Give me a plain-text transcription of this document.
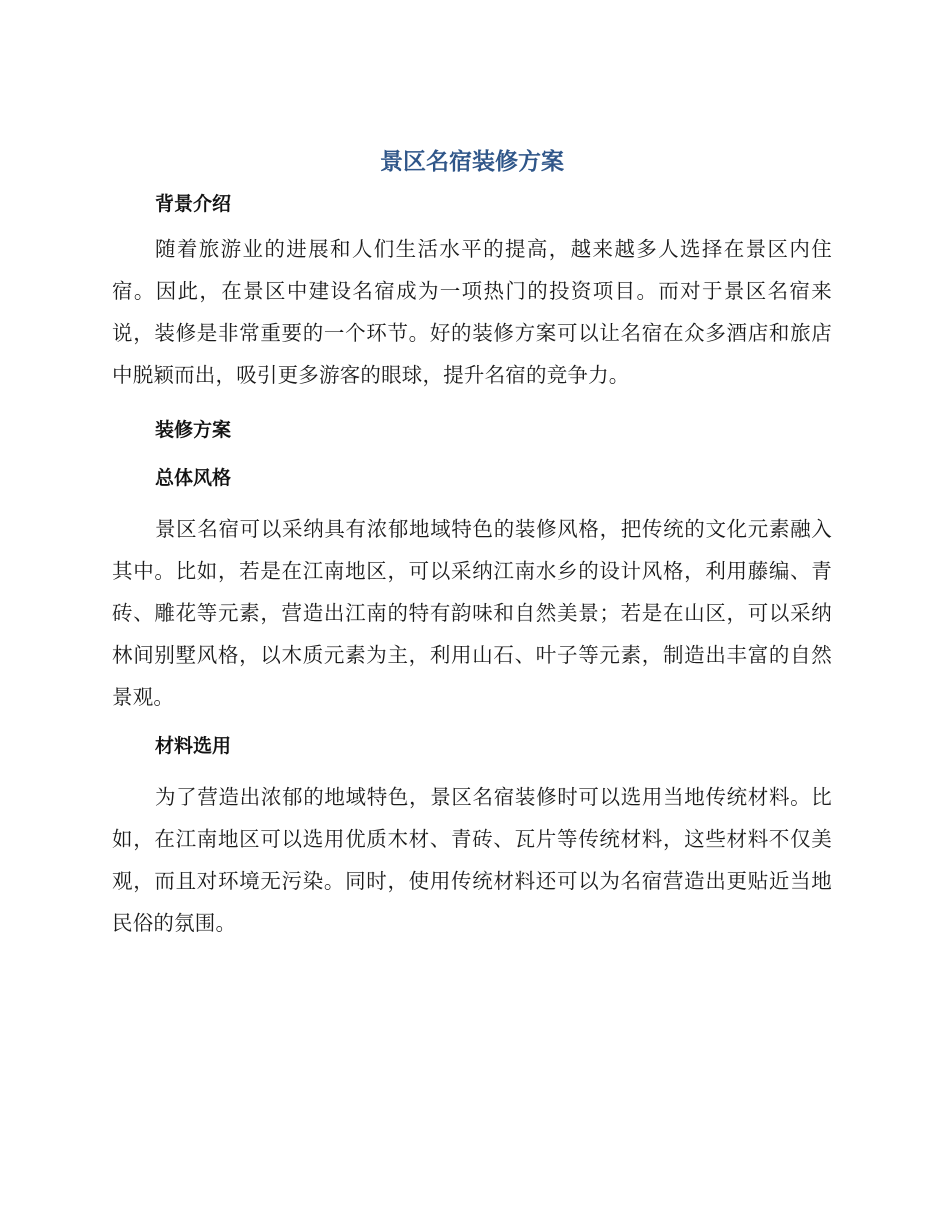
景区名宿装修方案
背景介绍

随着旅游业的进展和人们生活水平的提高，越来越多人选择在景区内住宿。因此，在景区中建设名宿成为一项热门的投资项目。而对于景区名宿来说，装修是非常重要的一个环节。好的装修方案可以让名宿在众多酒店和旅店中脱颖而出，吸引更多游客的眼球，提升名宿的竞争力。

装修方案
总体风格

景区名宿可以采纳具有浓郁地域特色的装修风格，把传统的文化元素融入其中。比如，若是在江南地区，可以采纳江南水乡的设计风格，利用藤编、青砖、雕花等元素，营造出江南的特有韵味和自然美景；若是在山区，可以采纳林间别墅风格，以木质元素为主，利用山石、叶子等元素，制造出丰富的自然景观。

材料选用

为了营造出浓郁的地域特色，景区名宿装修时可以选用当地传统材料。比如，在江南地区可以选用优质木材、青砖、瓦片等传统材料，这些材料不仅美观，而且对环境无污染。同时，使用传统材料还可以为名宿营造出更贴近当地民俗的氛围。
